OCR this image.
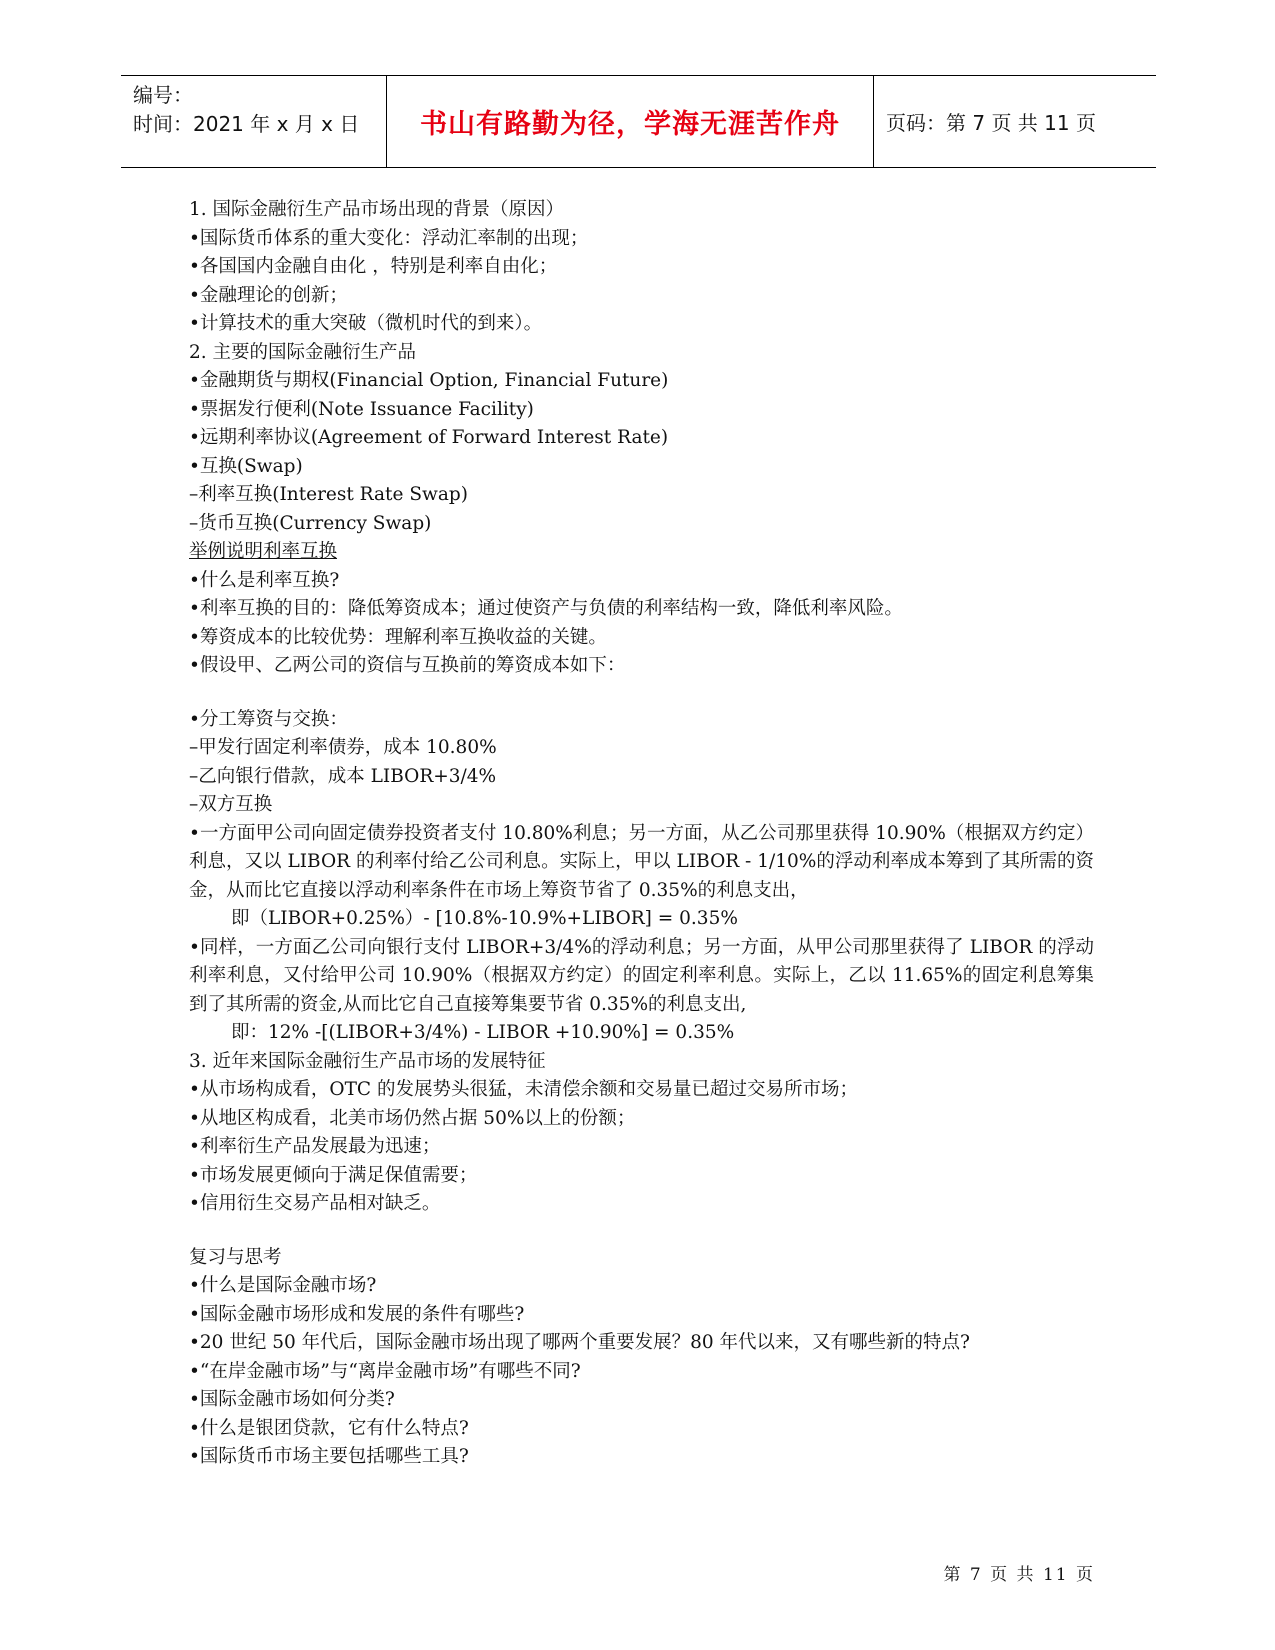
编号：
时间：2021 年 x 月 x 日	书山有路勤为径，学海无涯苦作舟	页码：第 7 页 共 11 页
1. 国际金融衍生产品市场出现的背景（原因）
•国际货币体系的重大变化：浮动汇率制的出现；
•各国国内金融自由化 ，特别是利率自由化；
•金融理论的创新；
•计算技术的重大突破（微机时代的到来）。
2. 主要的国际金融衍生产品
•金融期货与期权(Financial Option, Financial Future)
•票据发行便利(Note Issuance Facility)
•远期利率协议(Agreement of Forward Interest Rate)
•互换(Swap)
–利率互换(Interest Rate Swap)
–货币互换(Currency Swap)
举例说明利率互换
•什么是利率互换?
•利率互换的目的：降低筹资成本；通过使资产与负债的利率结构一致，降低利率风险。
•筹资成本的比较优势：理解利率互换收益的关键。
•假设甲、乙两公司的资信与互换前的筹资成本如下：
•分工筹资与交换：
–甲发行固定利率债券，成本 10.80%
–乙向银行借款，成本 LIBOR+3/4%
–双方互换
•一方面甲公司向固定债券投资者支付 10.80%利息；另一方面，从乙公司那里获得 10.90%（根据双方约定）利息，又以 LIBOR 的利率付给乙公司利息。实际上，甲以 LIBOR - 1/10%的浮动利率成本筹到了其所需的资金，从而比它直接以浮动利率条件在市场上筹资节省了 0.35%的利息支出，
即（LIBOR+0.25%）- [10.8%-10.9%+LIBOR] = 0.35%
•同样，一方面乙公司向银行支付 LIBOR+3/4%的浮动利息；另一方面，从甲公司那里获得了 LIBOR 的浮动利率利息，又付给甲公司 10.90%（根据双方约定）的固定利率利息。实际上，乙以 11.65%的固定利息筹集到了其所需的资金,从而比它自己直接筹集要节省 0.35%的利息支出,
即：12% -[(LIBOR+3/4%) - LIBOR +10.90%] = 0.35%
3. 近年来国际金融衍生产品市场的发展特征
•从市场构成看，OTC 的发展势头很猛，未清偿余额和交易量已超过交易所市场；
•从地区构成看，北美市场仍然占据 50%以上的份额；
•利率衍生产品发展最为迅速；
•市场发展更倾向于满足保值需要；
•信用衍生交易产品相对缺乏。
复习与思考
•什么是国际金融市场?
•国际金融市场形成和发展的条件有哪些?
•20 世纪 50 年代后，国际金融市场出现了哪两个重要发展？80 年代以来，又有哪些新的特点?
•“在岸金融市场”与“离岸金融市场”有哪些不同?
•国际金融市场如何分类?
•什么是银团贷款，它有什么特点?
•国际货币市场主要包括哪些工具?
第 7 页 共 11 页
